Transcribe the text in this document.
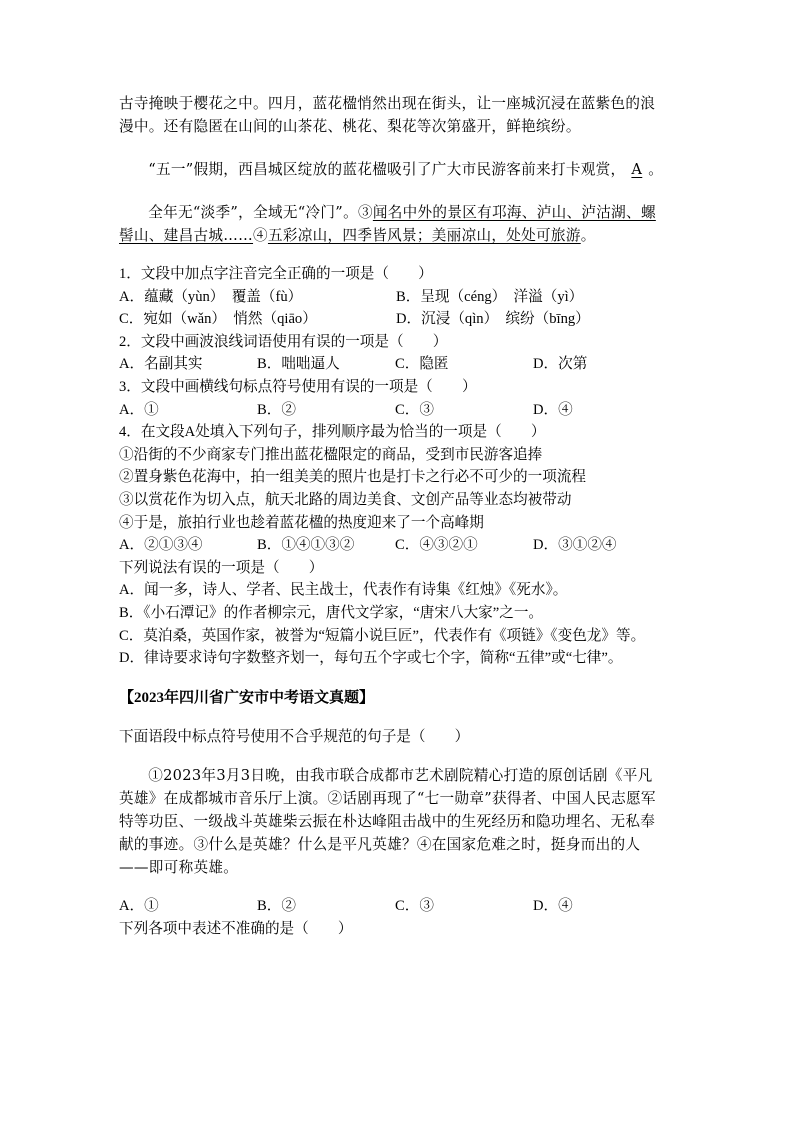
古寺掩映于樱花之中。四月，蓝花楹悄然出现在街头，让一座城沉浸在蓝紫色的浪漫中。还有隐匿在山间的山茶花、桃花、梨花等次第盛开，鲜艳缤纷。

“五一”假期，西昌城区绽放的蓝花楹吸引了广大市民游客前来打卡观赏， A 。

全年无“淡季”，全域无“冷门”。③闻名中外的景区有邛海、泸山、泸沽湖、螺髻山、建昌古城……④五彩凉山，四季皆风景；美丽凉山，处处可旅游。

1．文段中加点字注音完全正确的一项是（　　）

A．蕴藏（yùn）　覆盖（fù）	B．呈现（céng）　洋溢（yì）
C．宛如（wǎn）　悄然（qiāo）	D．沉浸（qìn）　缤纷（bīng）

2．文段中画波浪线词语使用有误的一项是（　　）

A．名副其实	B．咄咄逼人	C．隐匿	D．次第

3．文段中画横线句标点符号使用有误的一项是（　　）

A．①	B．②	C．③	D．④

4．在文段A处填入下列句子，排列顺序最为恰当的一项是（　　）

①沿街的不少商家专门推出蓝花楹限定的商品，受到市民游客追捧

②置身紫色花海中，拍一组美美的照片也是打卡之行必不可少的一项流程

③以赏花作为切入点，航天北路的周边美食、文创产品等业态均被带动

④于是，旅拍行业也趁着蓝花楹的热度迎来了一个高峰期

A．②①③④	B．①④①③②	C．④③②①	D．③①②④

下列说法有误的一项是（　　）

A．闻一多，诗人、学者、民主战士，代表作有诗集《红烛》《死水》。

B．《小石潭记》的作者柳宗元，唐代文学家，“唐宋八大家”之一。

C．莫泊桑，英国作家，被誉为“短篇小说巨匠”，代表作有《项链》《变色龙》等。

D．律诗要求诗句字数整齐划一，每句五个字或七个字，简称“五律”或“七律”。

【2023年四川省广安市中考语文真题】

下面语段中标点符号使用不合乎规范的句子是（　　）

①2023年3月3日晚，由我市联合成都市艺术剧院精心打造的原创话剧《平凡英雄》在成都城市音乐厅上演。②话剧再现了“七一勋章”获得者、中国人民志愿军特等功臣、一级战斗英雄柴云振在朴达峰阻击战中的生死经历和隐功埋名、无私奉献的事迹。③什么是英雄？什么是平凡英雄？④在国家危难之时，挺身而出的人——即可称英雄。

A．①	B．②	C．③	D．④

下列各项中表述不准确的是（　　）
